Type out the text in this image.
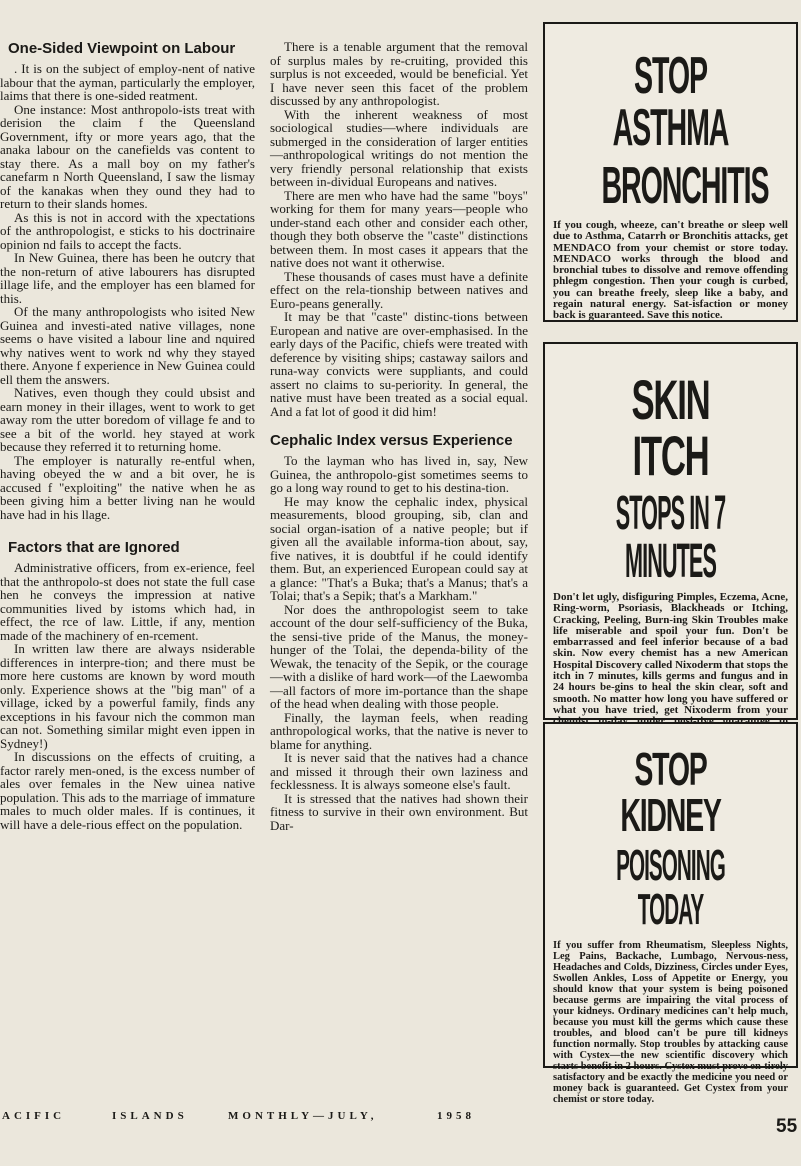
One-Sided Viewpoint on Labour

. It is on the subject of employ-nent of native labour that the ayman, particularly the employer, laims that there is one-sided reatment.

One instance: Most anthropolo-ists treat with derision the claim f the Queensland Government, ifty or more years ago, that the anaka labour on the canefields vas content to stay there. As a mall boy on my father's canefarm n North Queensland, I saw the lismay of the kanakas when they ound they had to return to their slands homes.

As this is not in accord with the xpectations of the anthropologist, e sticks to his doctrinaire opinion nd fails to accept the facts.

In New Guinea, there has been he outcry that the non-return of ative labourers has disrupted illage life, and the employer has een blamed for this.

Of the many anthropologists who isited New Guinea and investi-ated native villages, none seems o have visited a labour line and nquired why natives went to work nd why they stayed there. Anyone f experience in New Guinea could ell them the answers.

Natives, even though they could ubsist and earn money in their illages, went to work to get away rom the utter boredom of village fe and to see a bit of the world. hey stayed at work because they referred it to returning home.

The employer is naturally re-entful when, having obeyed the w and a bit over, he is accused f "exploiting" the native when he as been giving him a better living nan he would have had in his llage.

Factors that are Ignored

Administrative officers, from ex-erience, feel that the anthropolo-st does not state the full case hen he conveys the impression at native communities lived by istoms which had, in effect, the rce of law. Little, if any, mention made of the machinery of en-rcement.

In written law there are always nsiderable differences in interpre-tion; and there must be more here customs are known by word mouth only. Experience shows at the "big man" of a village, icked by a powerful family, finds any exceptions in his favour nich the common man can not. Something similar might even ippen in Sydney!)

In discussions on the effects of cruiting, a factor rarely men-oned, is the excess number of ales over females in the New uinea native population. This ads to the marriage of immature males to much older males. If is continues, it will have a dele-rious effect on the population.

There is a tenable argument that the removal of surplus males by re-cruiting, provided this surplus is not exceeded, would be beneficial. Yet I have never seen this facet of the problem discussed by any anthropologist.

With the inherent weakness of most sociological studies—where individuals are submerged in the consideration of larger entities—anthropological writings do not mention the very friendly personal relationship that exists between in-dividual Europeans and natives.

There are men who have had the same "boys" working for them for many years—people who under-stand each other and consider each other, though they both observe the "caste" distinctions between them. In most cases it appears that the native does not want it otherwise.

These thousands of cases must have a definite effect on the rela-tionship between natives and Euro-peans generally.

It may be that "caste" distinc-tions between European and native are over-emphasised. In the early days of the Pacific, chiefs were treated with deference by visiting ships; castaway sailors and runa-way convicts were suppliants, and could assert no claims to su-periority. In general, the native must have been treated as a social equal. And a fat lot of good it did him!

Cephalic Index versus Experience

To the layman who has lived in, say, New Guinea, the anthropolo-gist sometimes seems to go a long way round to get to his destina-tion.

He may know the cephalic index, physical measurements, blood grouping, sib, clan and social organ-isation of a native people; but if given all the available informa-tion about, say, five natives, it is doubtful if he could identify them. But, an experienced European could say at a glance: "That's a Buka; that's a Manus; that's a Tolai; that's a Sepik; that's a Markham."

Nor does the anthropologist seem to take account of the dour self-sufficiency of the Buka, the sensi-tive pride of the Manus, the money-hunger of the Tolai, the dependa-bility of the Wewak, the tenacity of the Sepik, or the courage—with a dislike of hard work—of the Laewomba—all factors of more im-portance than the shape of the head when dealing with those people.

Finally, the layman feels, when reading anthropological works, that the native is never to blame for anything.

It is never said that the natives had a chance and missed it through their own laziness and fecklessness. It is always someone else's fault.

It is stressed that the natives had shown their fitness to survive in their own environment. But Dar-

STOP ASTHMA
BRONCHITIS
If you cough, wheeze, can't breathe or sleep well due to Asthma, Catarrh or Bronchitis attacks, get MENDACO from your chemist or store today. MENDACO works through the blood and bronchial tubes to dissolve and remove offending phlegm congestion. Then your cough is curbed, you can breathe freely, sleep like a baby, and regain natural energy. Sat-isfaction or money back is guaranteed. Save this notice.
SKIN ITCH
STOPS IN 7 MINUTES
Don't let ugly, disfiguring Pimples, Eczema, Acne, Ring-worm, Psoriasis, Blackheads or Itching, Cracking, Peeling, Burn-ing Skin Troubles make life miserable and spoil your fun. Don't be embarrassed and feel inferior because of a bad skin. Now every chemist has a new American Hospital Discovery called Nixoderm that stops the itch in 7 minutes, kills germs and fungus and in 24 hours be-gins to heal the skin clear, soft and smooth. No matter how long you have suffered or what you have tried, get Nixoderm from your
STOP KIDNEY
POISONING TODAY
If you suffer from Rheumatism, Sleepless Nights, Leg Pains, Backache, Lumbago, Nervous-ness, Headaches and Colds, Dizziness, Circles under Eyes, Swollen Ankles, Loss of Appetite or Energy, you should know that your system is being poisoned because germs are impairing the vital process of your kidneys. Ordinary medicines can't help much, because you must kill the germs which cause these troubles, and blood can't be pure till kidneys function normally. Stop troubles by attacking cause with Cystex—the new scientific discovery which starts benefit in 2 hours. Cystex must prove en-tirely satisfactory and be exactly the medicine you need or money back is guaranteed. Get Cystex from your chemist or store today.
ACIFIC	ISLANDS	MONTHLY—JULY,	1958	55
